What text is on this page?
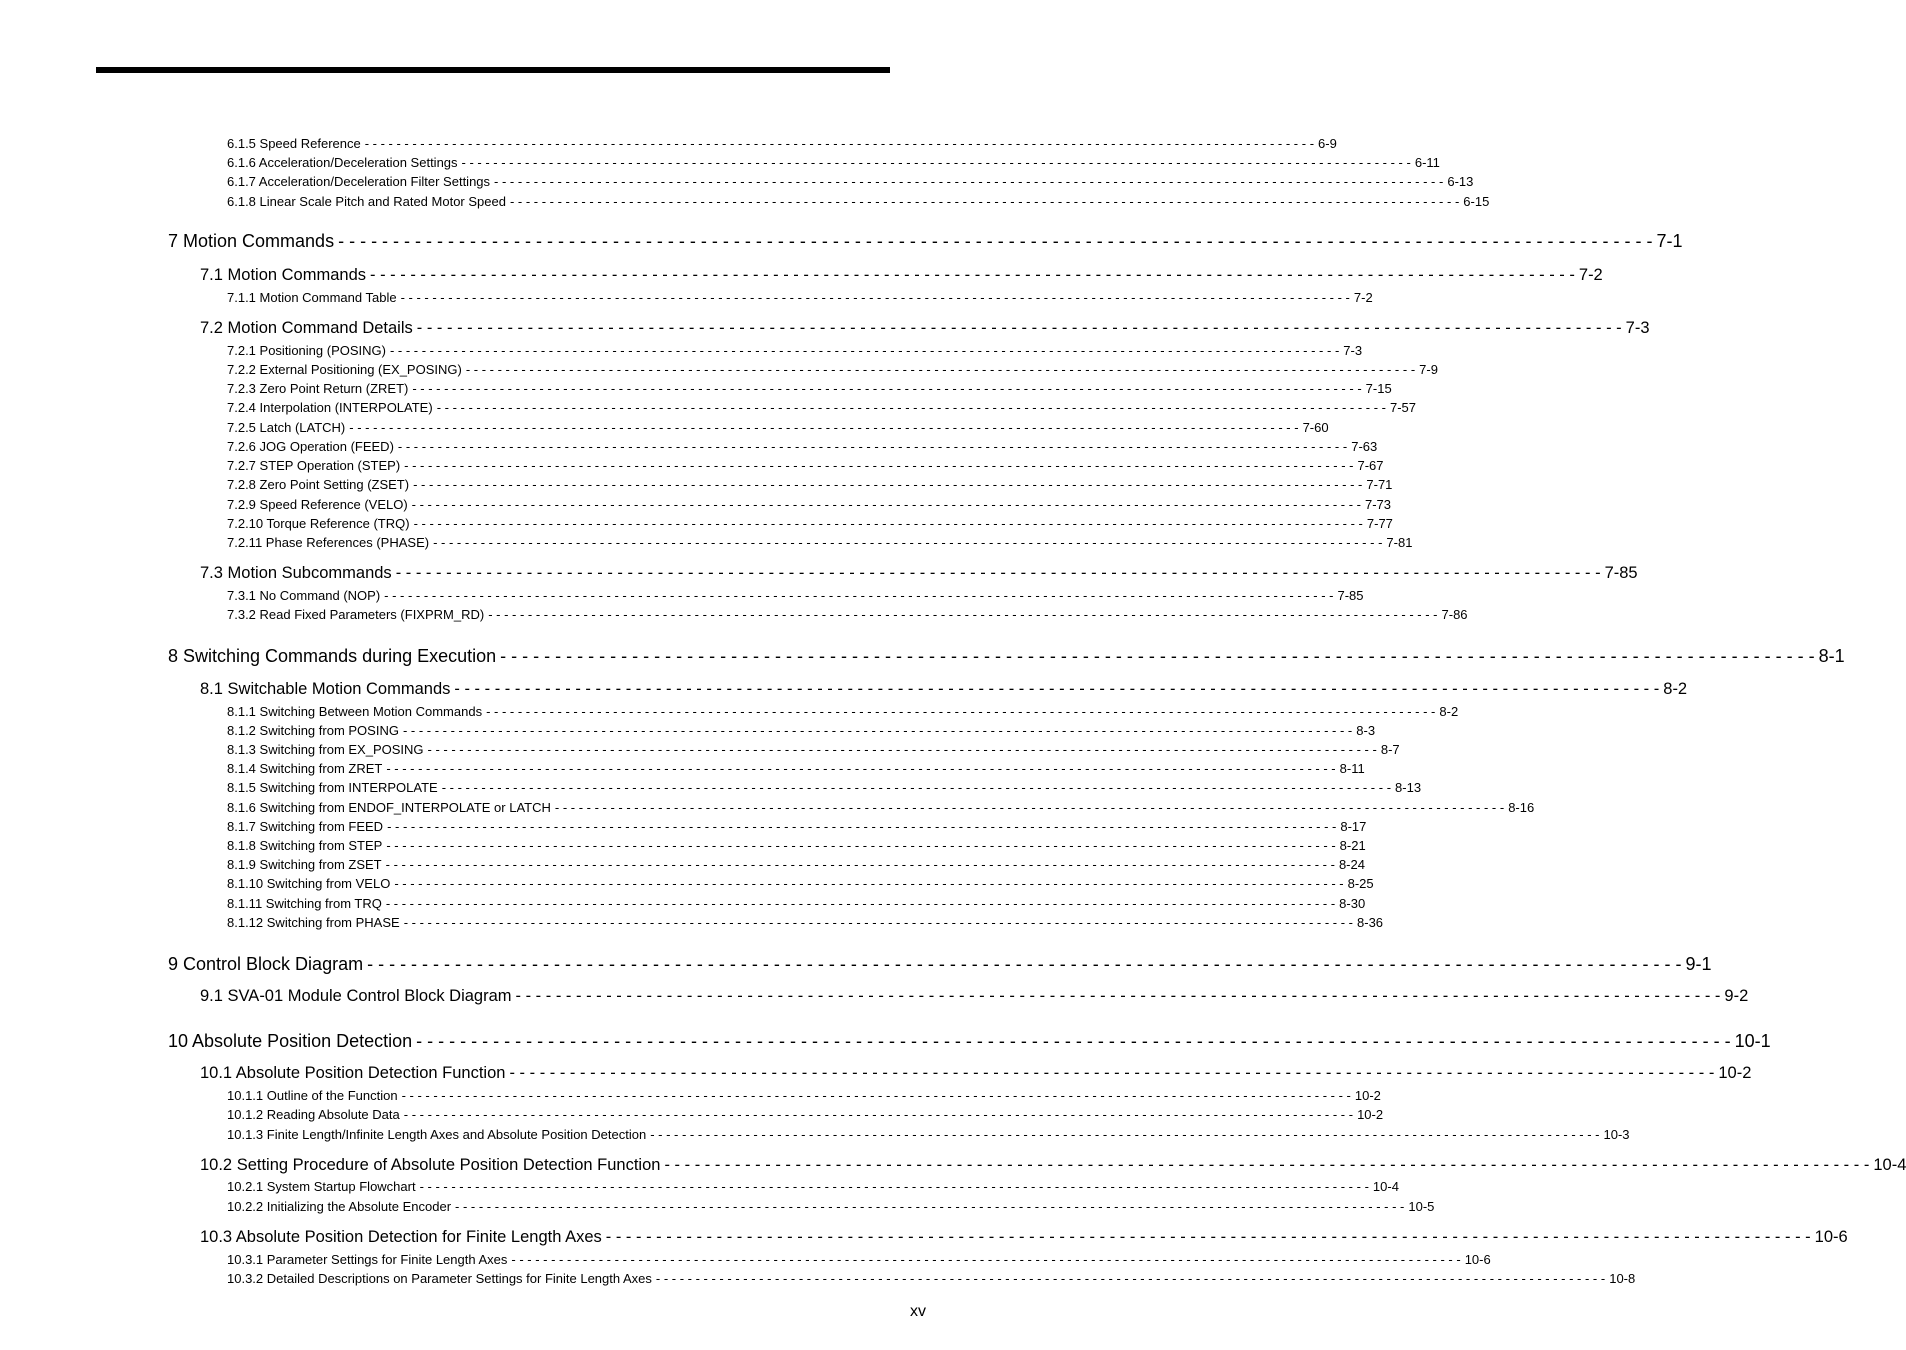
6.1.5 Speed Reference - - - - - - - - - - - - - - - - - - - - - - - - - - - - - - - - - - - - - - - - - - - - - - - - - - - - - - - - - - - - - - - - - - - - - - - - - - - - - - - - - - - - - - - - - - - - - - - - - - - - - - - - - - - - - - - - - - - - - - - - 6-9
6.1.6 Acceleration/Deceleration Settings - - - - - - - - - - - - - - - - - - - - - - - - - - - - - - - - - - - - - - - - - - - - - - - - - - - - - - - - - - - - - - - - - - - - - - - - - - - - - - - - - - - - - - - - - - - - - - - - - - - - - - - - - - - - - - - - - - - - - - - - 6-11
6.1.7 Acceleration/Deceleration Filter Settings - - - - - - - - - - - - - - - - - - - - - - - - - - - - - - - - - - - - - - - - - - - - - - - - - - - - - - - - - - - - - - - - - - - - - - - - - - - - - - - - - - - - - - - - - - - - - - - - - - - - - - - - - - - - - - - - - - - - - - - - 6-13
6.1.8 Linear Scale Pitch and Rated Motor Speed - - - - - - - - - - - - - - - - - - - - - - - - - - - - - - - - - - - - - - - - - - - - - - - - - - - - - - - - - - - - - - - - - - - - - - - - - - - - - - - - - - - - - - - - - - - - - - - - - - - - - - - - - - - - - - - - - - - - - - - - 6-15
7 Motion Commands - - - - - - - - - - - - - - - - - - - - - - - - - - - - - - - - - - - - - - - - - - - - - - - - - - - - - - - - - - - - - - - - - - - - - - - - - - - - - - - - - - - - - - - - - - - - - - - - - - - - - - - - - - - - - - - - - - - - - - - - 7-1
7.1 Motion Commands - - - - - - - - - - - - - - - - - - - - - - - - - - - - - - - - - - - - - - - - - - - - - - - - - - - - - - - - - - - - - - - - - - - - - - - - - - - - - - - - - - - - - - - - - - - - - - - - - - - - - - - - - - - - - - - - - - - - - - - - 7-2
7.1.1 Motion Command Table - - - - - - - - - - - - - - - - - - - - - - - - - - - - - - - - - - - - - - - - - - - - - - - - - - - - - - - - - - - - - - - - - - - - - - - - - - - - - - - - - - - - - - - - - - - - - - - - - - - - - - - - - - - - - - - - - - - - - - - - 7-2
7.2 Motion Command Details - - - - - - - - - - - - - - - - - - - - - - - - - - - - - - - - - - - - - - - - - - - - - - - - - - - - - - - - - - - - - - - - - - - - - - - - - - - - - - - - - - - - - - - - - - - - - - - - - - - - - - - - - - - - - - - - - - - - - - - - 7-3
7.2.1 Positioning (POSING) - - - - - - - - - - - - - - - - - - - - - - - - - - - - - - - - - - - - - - - - - - - - - - - - - - - - - - - - - - - - - - - - - - - - - - - - - - - - - - - - - - - - - - - - - - - - - - - - - - - - - - - - - - - - - - - - - - - - - - - - 7-3
7.2.2 External Positioning (EX_POSING) - - - - - - - - - - - - - - - - - - - - - - - - - - - - - - - - - - - - - - - - - - - - - - - - - - - - - - - - - - - - - - - - - - - - - - - - - - - - - - - - - - - - - - - - - - - - - - - - - - - - - - - - - - - - - - - - - - - - - - - - 7-9
7.2.3 Zero Point Return (ZRET) - - - - - - - - - - - - - - - - - - - - - - - - - - - - - - - - - - - - - - - - - - - - - - - - - - - - - - - - - - - - - - - - - - - - - - - - - - - - - - - - - - - - - - - - - - - - - - - - - - - - - - - - - - - - - - - - - - - - - - - - 7-15
7.2.4 Interpolation (INTERPOLATE) - - - - - - - - - - - - - - - - - - - - - - - - - - - - - - - - - - - - - - - - - - - - - - - - - - - - - - - - - - - - - - - - - - - - - - - - - - - - - - - - - - - - - - - - - - - - - - - - - - - - - - - - - - - - - - - - - - - - - - - - 7-57
7.2.5 Latch (LATCH) - - - - - - - - - - - - - - - - - - - - - - - - - - - - - - - - - - - - - - - - - - - - - - - - - - - - - - - - - - - - - - - - - - - - - - - - - - - - - - - - - - - - - - - - - - - - - - - - - - - - - - - - - - - - - - - - - - - - - - - - 7-60
7.2.6 JOG Operation (FEED) - - - - - - - - - - - - - - - - - - - - - - - - - - - - - - - - - - - - - - - - - - - - - - - - - - - - - - - - - - - - - - - - - - - - - - - - - - - - - - - - - - - - - - - - - - - - - - - - - - - - - - - - - - - - - - - - - - - - - - - - 7-63
7.2.7 STEP Operation (STEP) - - - - - - - - - - - - - - - - - - - - - - - - - - - - - - - - - - - - - - - - - - - - - - - - - - - - - - - - - - - - - - - - - - - - - - - - - - - - - - - - - - - - - - - - - - - - - - - - - - - - - - - - - - - - - - - - - - - - - - - - 7-67
7.2.8 Zero Point Setting (ZSET) - - - - - - - - - - - - - - - - - - - - - - - - - - - - - - - - - - - - - - - - - - - - - - - - - - - - - - - - - - - - - - - - - - - - - - - - - - - - - - - - - - - - - - - - - - - - - - - - - - - - - - - - - - - - - - - - - - - - - - - - 7-71
7.2.9 Speed Reference (VELO) - - - - - - - - - - - - - - - - - - - - - - - - - - - - - - - - - - - - - - - - - - - - - - - - - - - - - - - - - - - - - - - - - - - - - - - - - - - - - - - - - - - - - - - - - - - - - - - - - - - - - - - - - - - - - - - - - - - - - - - - 7-73
7.2.10 Torque Reference (TRQ) - - - - - - - - - - - - - - - - - - - - - - - - - - - - - - - - - - - - - - - - - - - - - - - - - - - - - - - - - - - - - - - - - - - - - - - - - - - - - - - - - - - - - - - - - - - - - - - - - - - - - - - - - - - - - - - - - - - - - - - - 7-77
7.2.11 Phase References (PHASE) - - - - - - - - - - - - - - - - - - - - - - - - - - - - - - - - - - - - - - - - - - - - - - - - - - - - - - - - - - - - - - - - - - - - - - - - - - - - - - - - - - - - - - - - - - - - - - - - - - - - - - - - - - - - - - - - - - - - - - - - 7-81
7.3 Motion Subcommands - - - - - - - - - - - - - - - - - - - - - - - - - - - - - - - - - - - - - - - - - - - - - - - - - - - - - - - - - - - - - - - - - - - - - - - - - - - - - - - - - - - - - - - - - - - - - - - - - - - - - - - - - - - - - - - - - - - - - - - - 7-85
7.3.1 No Command (NOP) - - - - - - - - - - - - - - - - - - - - - - - - - - - - - - - - - - - - - - - - - - - - - - - - - - - - - - - - - - - - - - - - - - - - - - - - - - - - - - - - - - - - - - - - - - - - - - - - - - - - - - - - - - - - - - - - - - - - - - - - 7-85
7.3.2 Read Fixed Parameters (FIXPRM_RD) - - - - - - - - - - - - - - - - - - - - - - - - - - - - - - - - - - - - - - - - - - - - - - - - - - - - - - - - - - - - - - - - - - - - - - - - - - - - - - - - - - - - - - - - - - - - - - - - - - - - - - - - - - - - - - - - - - - - - - - - 7-86
8 Switching Commands during Execution - - - - - - - - - - - - - - - - - - - - - - - - - - - - - - - - - - - - - - - - - - - - - - - - - - - - - - - - - - - - - - - - - - - - - - - - - - - - - - - - - - - - - - - - - - - - - - - - - - - - - - - - - - - - - - - - - - - - - - - - 8-1
8.1 Switchable Motion Commands - - - - - - - - - - - - - - - - - - - - - - - - - - - - - - - - - - - - - - - - - - - - - - - - - - - - - - - - - - - - - - - - - - - - - - - - - - - - - - - - - - - - - - - - - - - - - - - - - - - - - - - - - - - - - - - - - - - - - - - - 8-2
8.1.1 Switching Between Motion Commands - - - - - - - - - - - - - - - - - - - - - - - - - - - - - - - - - - - - - - - - - - - - - - - - - - - - - - - - - - - - - - - - - - - - - - - - - - - - - - - - - - - - - - - - - - - - - - - - - - - - - - - - - - - - - - - - - - - - - - - - 8-2
8.1.2 Switching from POSING - - - - - - - - - - - - - - - - - - - - - - - - - - - - - - - - - - - - - - - - - - - - - - - - - - - - - - - - - - - - - - - - - - - - - - - - - - - - - - - - - - - - - - - - - - - - - - - - - - - - - - - - - - - - - - - - - - - - - - - - 8-3
8.1.3 Switching from EX_POSING - - - - - - - - - - - - - - - - - - - - - - - - - - - - - - - - - - - - - - - - - - - - - - - - - - - - - - - - - - - - - - - - - - - - - - - - - - - - - - - - - - - - - - - - - - - - - - - - - - - - - - - - - - - - - - - - - - - - - - - - 8-7
8.1.4 Switching from ZRET - - - - - - - - - - - - - - - - - - - - - - - - - - - - - - - - - - - - - - - - - - - - - - - - - - - - - - - - - - - - - - - - - - - - - - - - - - - - - - - - - - - - - - - - - - - - - - - - - - - - - - - - - - - - - - - - - - - - - - - - 8-11
8.1.5 Switching from INTERPOLATE - - - - - - - - - - - - - - - - - - - - - - - - - - - - - - - - - - - - - - - - - - - - - - - - - - - - - - - - - - - - - - - - - - - - - - - - - - - - - - - - - - - - - - - - - - - - - - - - - - - - - - - - - - - - - - - - - - - - - - - - 8-13
8.1.6 Switching from ENDOF_INTERPOLATE or LATCH - - - - - - - - - - - - - - - - - - - - - - - - - - - - - - - - - - - - - - - - - - - - - - - - - - - - - - - - - - - - - - - - - - - - - - - - - - - - - - - - - - - - - - - - - - - - - - - - - - - - - - - - - - - - - - - - - - - - - - - - 8-16
8.1.7 Switching from FEED - - - - - - - - - - - - - - - - - - - - - - - - - - - - - - - - - - - - - - - - - - - - - - - - - - - - - - - - - - - - - - - - - - - - - - - - - - - - - - - - - - - - - - - - - - - - - - - - - - - - - - - - - - - - - - - - - - - - - - - - 8-17
8.1.8 Switching from STEP - - - - - - - - - - - - - - - - - - - - - - - - - - - - - - - - - - - - - - - - - - - - - - - - - - - - - - - - - - - - - - - - - - - - - - - - - - - - - - - - - - - - - - - - - - - - - - - - - - - - - - - - - - - - - - - - - - - - - - - - 8-21
8.1.9 Switching from ZSET - - - - - - - - - - - - - - - - - - - - - - - - - - - - - - - - - - - - - - - - - - - - - - - - - - - - - - - - - - - - - - - - - - - - - - - - - - - - - - - - - - - - - - - - - - - - - - - - - - - - - - - - - - - - - - - - - - - - - - - - 8-24
8.1.10 Switching from VELO - - - - - - - - - - - - - - - - - - - - - - - - - - - - - - - - - - - - - - - - - - - - - - - - - - - - - - - - - - - - - - - - - - - - - - - - - - - - - - - - - - - - - - - - - - - - - - - - - - - - - - - - - - - - - - - - - - - - - - - - 8-25
8.1.11 Switching from TRQ - - - - - - - - - - - - - - - - - - - - - - - - - - - - - - - - - - - - - - - - - - - - - - - - - - - - - - - - - - - - - - - - - - - - - - - - - - - - - - - - - - - - - - - - - - - - - - - - - - - - - - - - - - - - - - - - - - - - - - - - 8-30
8.1.12 Switching from PHASE - - - - - - - - - - - - - - - - - - - - - - - - - - - - - - - - - - - - - - - - - - - - - - - - - - - - - - - - - - - - - - - - - - - - - - - - - - - - - - - - - - - - - - - - - - - - - - - - - - - - - - - - - - - - - - - - - - - - - - - - 8-36
9 Control Block Diagram - - - - - - - - - - - - - - - - - - - - - - - - - - - - - - - - - - - - - - - - - - - - - - - - - - - - - - - - - - - - - - - - - - - - - - - - - - - - - - - - - - - - - - - - - - - - - - - - - - - - - - - - - - - - - - - - - - - - - - - - 9-1
9.1 SVA-01 Module Control Block Diagram - - - - - - - - - - - - - - - - - - - - - - - - - - - - - - - - - - - - - - - - - - - - - - - - - - - - - - - - - - - - - - - - - - - - - - - - - - - - - - - - - - - - - - - - - - - - - - - - - - - - - - - - - - - - - - - - - - - - - - - - 9-2
10 Absolute Position Detection - - - - - - - - - - - - - - - - - - - - - - - - - - - - - - - - - - - - - - - - - - - - - - - - - - - - - - - - - - - - - - - - - - - - - - - - - - - - - - - - - - - - - - - - - - - - - - - - - - - - - - - - - - - - - - - - - - - - - - - - 10-1
10.1 Absolute Position Detection Function - - - - - - - - - - - - - - - - - - - - - - - - - - - - - - - - - - - - - - - - - - - - - - - - - - - - - - - - - - - - - - - - - - - - - - - - - - - - - - - - - - - - - - - - - - - - - - - - - - - - - - - - - - - - - - - - - - - - - - - - 10-2
10.1.1 Outline of the Function - - - - - - - - - - - - - - - - - - - - - - - - - - - - - - - - - - - - - - - - - - - - - - - - - - - - - - - - - - - - - - - - - - - - - - - - - - - - - - - - - - - - - - - - - - - - - - - - - - - - - - - - - - - - - - - - - - - - - - - - 10-2
10.1.2 Reading Absolute Data - - - - - - - - - - - - - - - - - - - - - - - - - - - - - - - - - - - - - - - - - - - - - - - - - - - - - - - - - - - - - - - - - - - - - - - - - - - - - - - - - - - - - - - - - - - - - - - - - - - - - - - - - - - - - - - - - - - - - - - - 10-2
10.1.3 Finite Length/Infinite Length Axes and Absolute Position Detection - - - - - - - - - - - - - - - - - - - - - - - - - - - - - - - - - - - - - - - - - - - - - - - - - - - - - - - - - - - - - - - - - - - - - - - - - - - - - - - - - - - - - - - - - - - - - - - - - - - - - - - - - - - - - - - - - - - - - - - - 10-3
10.2 Setting Procedure of Absolute Position Detection Function - - - - - - - - - - - - - - - - - - - - - - - - - - - - - - - - - - - - - - - - - - - - - - - - - - - - - - - - - - - - - - - - - - - - - - - - - - - - - - - - - - - - - - - - - - - - - - - - - - - - - - - - - - - - - - - - - - - - - - - - 10-4
10.2.1 System Startup Flowchart - - - - - - - - - - - - - - - - - - - - - - - - - - - - - - - - - - - - - - - - - - - - - - - - - - - - - - - - - - - - - - - - - - - - - - - - - - - - - - - - - - - - - - - - - - - - - - - - - - - - - - - - - - - - - - - - - - - - - - - - 10-4
10.2.2 Initializing the Absolute Encoder - - - - - - - - - - - - - - - - - - - - - - - - - - - - - - - - - - - - - - - - - - - - - - - - - - - - - - - - - - - - - - - - - - - - - - - - - - - - - - - - - - - - - - - - - - - - - - - - - - - - - - - - - - - - - - - - - - - - - - - - 10-5
10.3 Absolute Position Detection for Finite Length Axes - - - - - - - - - - - - - - - - - - - - - - - - - - - - - - - - - - - - - - - - - - - - - - - - - - - - - - - - - - - - - - - - - - - - - - - - - - - - - - - - - - - - - - - - - - - - - - - - - - - - - - - - - - - - - - - - - - - - - - - - 10-6
10.3.1 Parameter Settings for Finite Length Axes - - - - - - - - - - - - - - - - - - - - - - - - - - - - - - - - - - - - - - - - - - - - - - - - - - - - - - - - - - - - - - - - - - - - - - - - - - - - - - - - - - - - - - - - - - - - - - - - - - - - - - - - - - - - - - - - - - - - - - - - 10-6
10.3.2 Detailed Descriptions on Parameter Settings for Finite Length Axes - - - - - - - - - - - - - - - - - - - - - - - - - - - - - - - - - - - - - - - - - - - - - - - - - - - - - - - - - - - - - - - - - - - - - - - - - - - - - - - - - - - - - - - - - - - - - - - - - - - - - - - - - - - - - - - - - - - - - - - - 10-8
xv
